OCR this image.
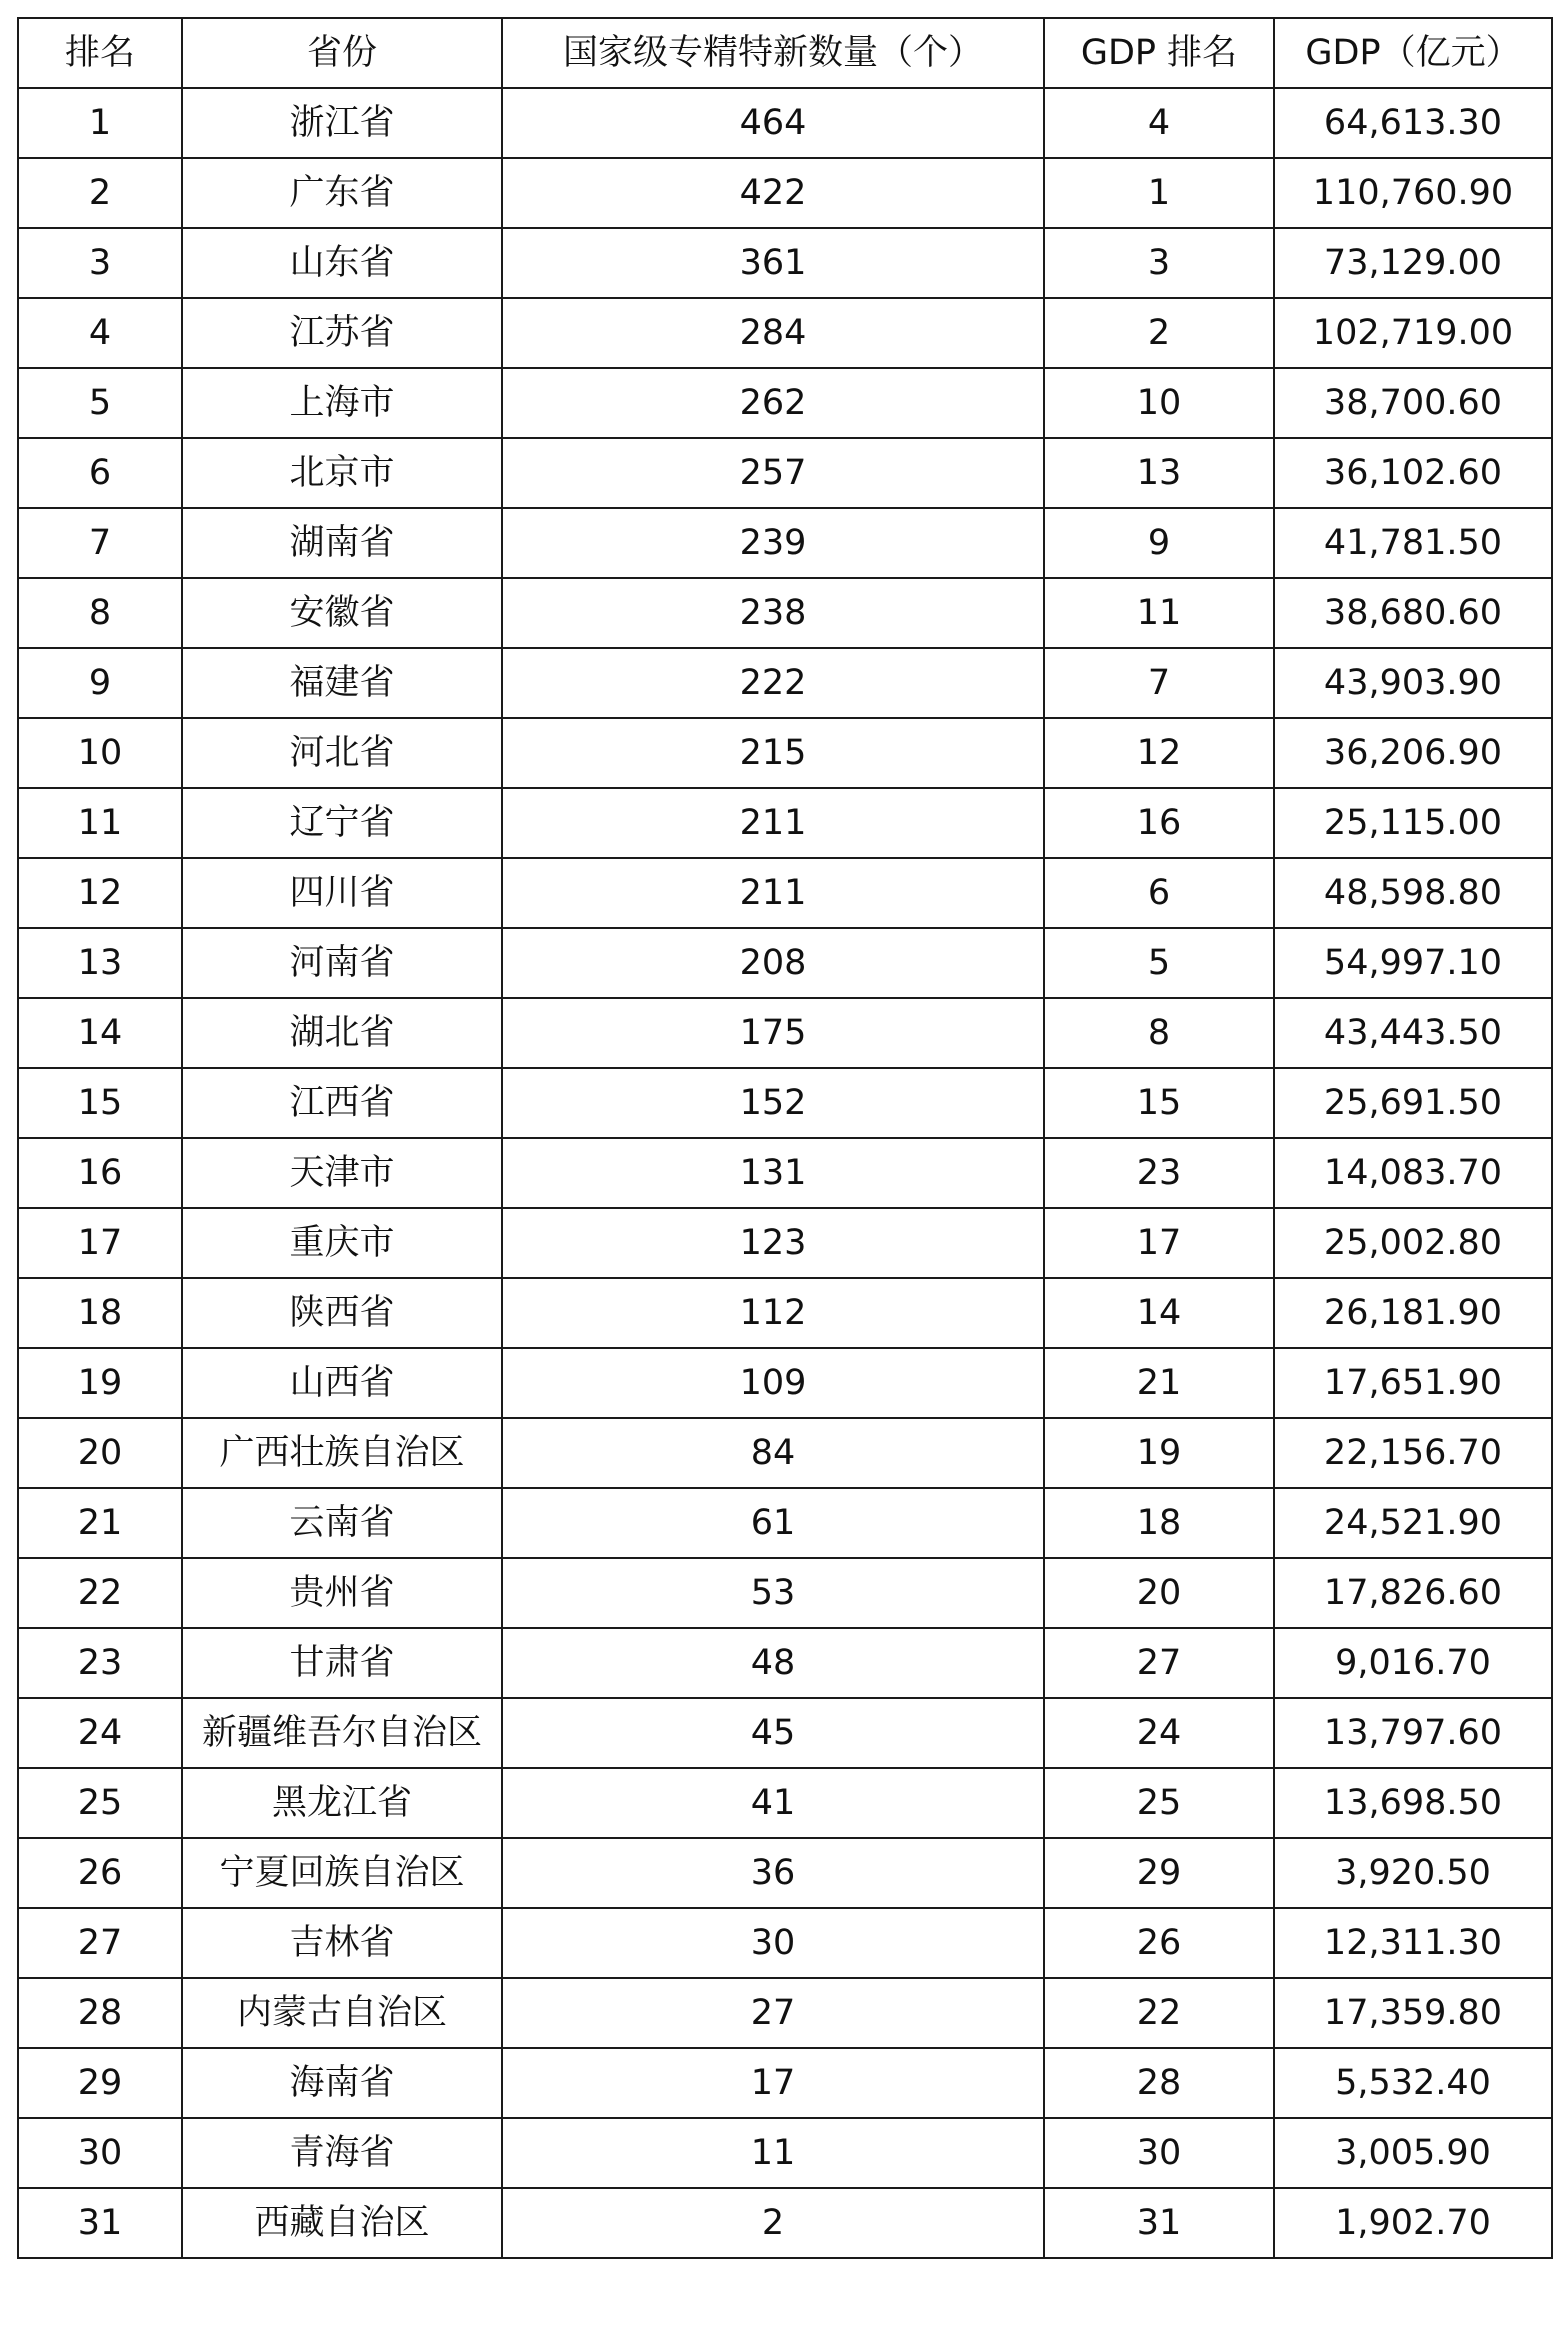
排名	省份	国家级专精特新数量（个）	GDP 排名	GDP（亿元）
1	浙江省	464	4	64,613.30
2	广东省	422	1	110,760.90
3	山东省	361	3	73,129.00
4	江苏省	284	2	102,719.00
5	上海市	262	10	38,700.60
6	北京市	257	13	36,102.60
7	湖南省	239	9	41,781.50
8	安徽省	238	11	38,680.60
9	福建省	222	7	43,903.90
10	河北省	215	12	36,206.90
11	辽宁省	211	16	25,115.00
12	四川省	211	6	48,598.80
13	河南省	208	5	54,997.10
14	湖北省	175	8	43,443.50
15	江西省	152	15	25,691.50
16	天津市	131	23	14,083.70
17	重庆市	123	17	25,002.80
18	陕西省	112	14	26,181.90
19	山西省	109	21	17,651.90
20	广西壮族自治区	84	19	22,156.70
21	云南省	61	18	24,521.90
22	贵州省	53	20	17,826.60
23	甘肃省	48	27	9,016.70
24	新疆维吾尔自治区	45	24	13,797.60
25	黑龙江省	41	25	13,698.50
26	宁夏回族自治区	36	29	3,920.50
27	吉林省	30	26	12,311.30
28	内蒙古自治区	27	22	17,359.80
29	海南省	17	28	5,532.40
30	青海省	11	30	3,005.90
31	西藏自治区	2	31	1,902.70
